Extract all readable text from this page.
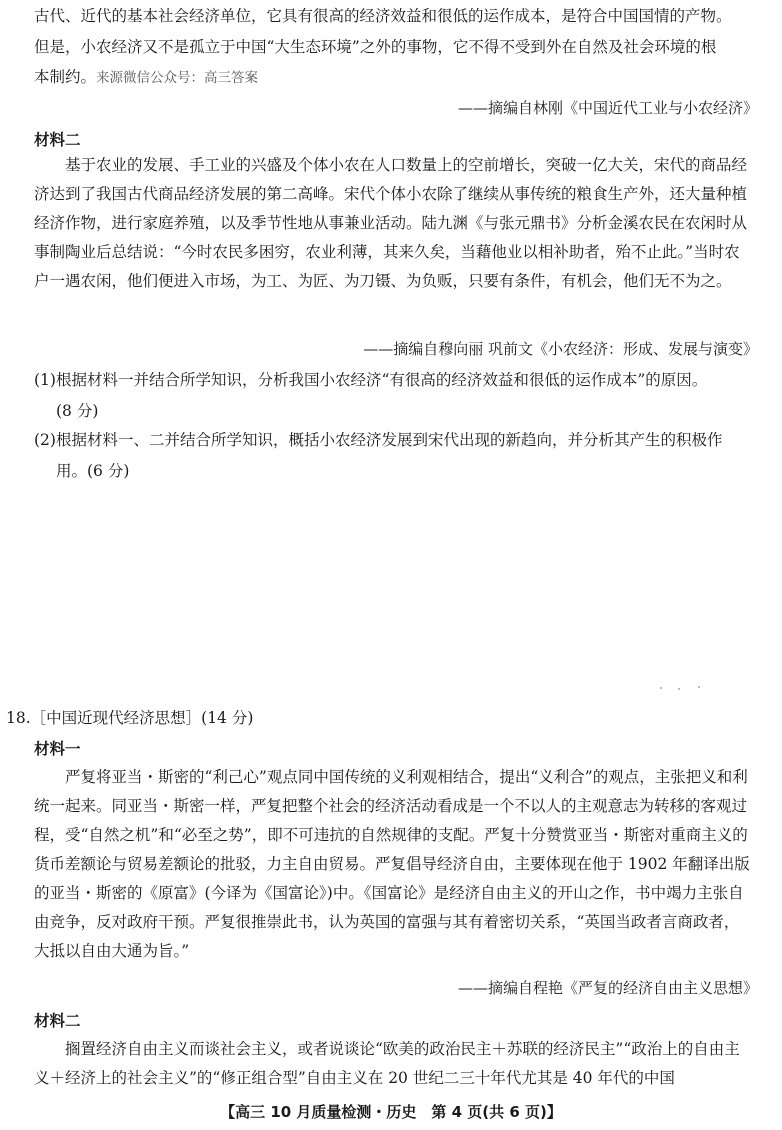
古代、近代的基本社会经济单位，它具有很高的经济效益和很低的运作成本，是符合中国国情的产物。

但是，小农经济又不是孤立于中国“大生态环境”之外的事物，它不得不受到外在自然及社会环境的根

本制约。来源微信公众号：高三答案

——摘编自林刚《中国近代工业与小农经济》
材料二

基于农业的发展、手工业的兴盛及个体小农在人口数量上的空前增长，突破一亿大关，宋代的商品经济达到了我国古代商品经济发展的第二高峰。宋代个体小农除了继续从事传统的粮食生产外，还大量种植经济作物，进行家庭养殖，以及季节性地从事兼业活动。陆九渊《与张元鼎书》分析金溪农民在农闲时从事制陶业后总结说：“今时农民多困穷，农业利薄，其来久矣，当藉他业以相补助者，殆不止此。”当时农户一遇农闲，他们便进入市场，为工、为匠、为刀镊、为负贩，只要有条件，有机会，他们无不为之。

——摘编自穆向丽 巩前文《小农经济：形成、发展与演变》

(1)根据材料一并结合所学知识，分析我国小农经济“有很高的经济效益和很低的运作成本”的原因。
(8 分)

(2)根据材料一、二并结合所学知识，概括小农经济发展到宋代出现的新趋向，并分析其产生的积极作
用。(6 分)

18.［中国近现代经济思想］(14 分)
材料一

严复将亚当・斯密的“利己心”观点同中国传统的义利观相结合，提出“义利合”的观点，主张把义和利统一起来。同亚当・斯密一样，严复把整个社会的经济活动看成是一个不以人的主观意志为转移的客观过程，受“自然之机”和“必至之势”，即不可违抗的自然规律的支配。严复十分赞赏亚当・斯密对重商主义的货币差额论与贸易差额论的批驳，力主自由贸易。严复倡导经济自由，主要体现在他于 1902 年翻译出版的亚当・斯密的《原富》(今译为《国富论》)中。《国富论》是经济自由主义的开山之作，书中竭力主张自由竞争，反对政府干预。严复很推崇此书，认为英国的富强与其有着密切关系，“英国当政者言商政者，大抵以自由大通为旨。”

——摘编自程艳《严复的经济自由主义思想》
材料二

搁置经济自由主义而谈社会主义，或者说谈论“欧美的政治民主＋苏联的经济民主”“政治上的自由主义＋经济上的社会主义”的“修正组合型”自由主义在 20 世纪二三十年代尤其是 40 年代的中国

【高三 10 月质量检测・历史　第 4 页(共 6 页)】
